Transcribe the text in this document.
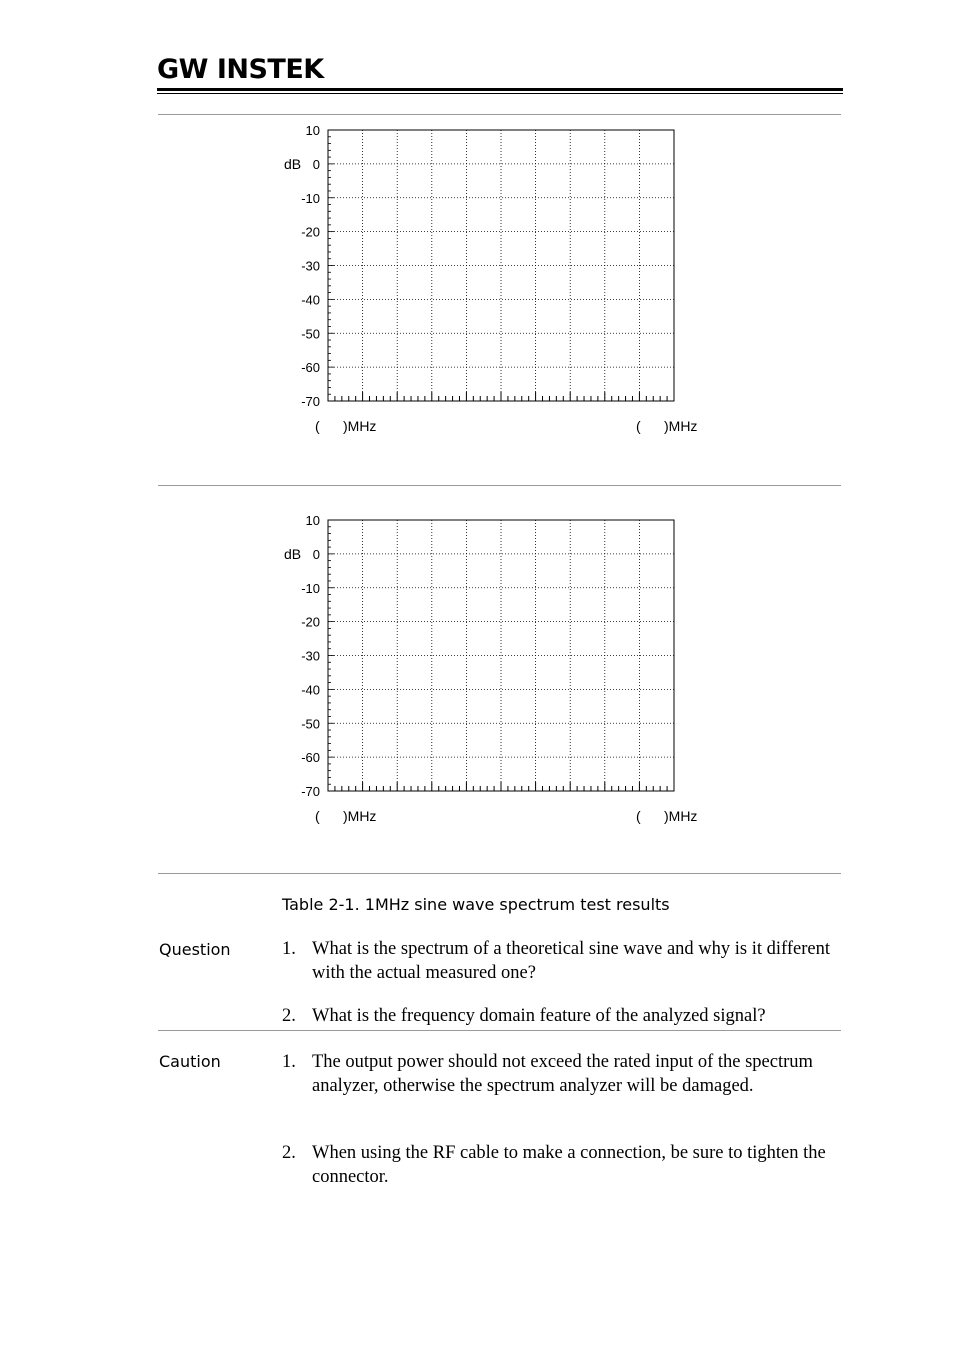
GW INSTEK
10
0
-10
-20
-30
-40
-50
-60
-70
dB
(      )MHz	(      )MHz
10
0
-10
-20
-30
-40
-50
-60
-70
dB
(      )MHz	(      )MHz
Table 2-1. 1MHz sine wave spectrum test results
Question	1. What is the spectrum of a theoretical sine wave and why is it different with the actual measured one?
2. What is the frequency domain feature of the analyzed signal?
Caution	1. The output power should not exceed the rated input of the spectrum analyzer, otherwise the spectrum analyzer will be damaged.
2. When using the RF cable to make a connection, be sure to tighten the connector.
